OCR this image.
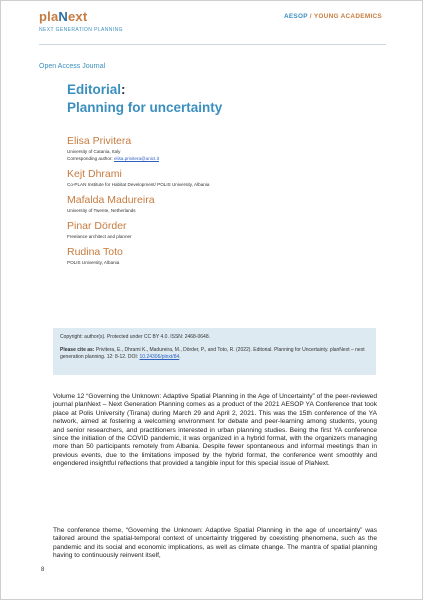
plaNext
NEXT GENERATION PLANNING
AESOP / YOUNG ACADEMICS
Open Access Journal
Editorial:
Planning for uncertainty
Elisa Privitera
University of Catania, Italy
Corresponding author: elisa.privitera@unict.it
Kejt Dhrami
Co-PLAN Institute for Habitat Development/ POLIS University, Albania
Mafalda Madureira
University of Twente, Netherlands
Pinar Dörder
Freelance architect and planner
Rudina Toto
POLIS University, Albania
Copyright: author(s). Protected under CC BY 4.0. ISSN: 2468-0648.
Please cite as: Privitera, E., Dhrami K., Madureira, M., Dörder, P., and Toto, R. (2022). Editorial. Planning for Uncertainty. planNext – next generation planning. 12: 8-12. DOI: 10.24306/plnxt/84.
Volume 12 “Governing the Unknown: Adaptive Spatial Planning in the Age of Uncertainty” of the peer-reviewed journal planNext – Next Generation Planning comes as a product of the 2021 AESOP YA Conference that took place at Polis University (Tirana) during March 29 and April 2, 2021. This was the 15th conference of the YA network, aimed at fostering a welcoming environment for debate and peer-learning among students, young and senior researchers, and practitioners interested in urban planning studies. Being the first YA conference since the initiation of the COVID pandemic, it was organized in a hybrid format, with the organizers managing more than 50 participants remotely from Albania. Despite fewer spontaneous and informal meetings than in previous events, due to the limitations imposed by the hybrid format, the conference went smoothly and engendered insightful reflections that provided a tangible input for this special issue of PlaNext.
The conference theme, “Governing the Unknown: Adaptive Spatial Planning in the age of uncertainty” was tailored around the spatial-temporal context of uncertainty triggered by coexisting phenomena, such as the pandemic and its social and economic implications, as well as climate change. The mantra of spatial planning having to continuously reinvent itself,
8
